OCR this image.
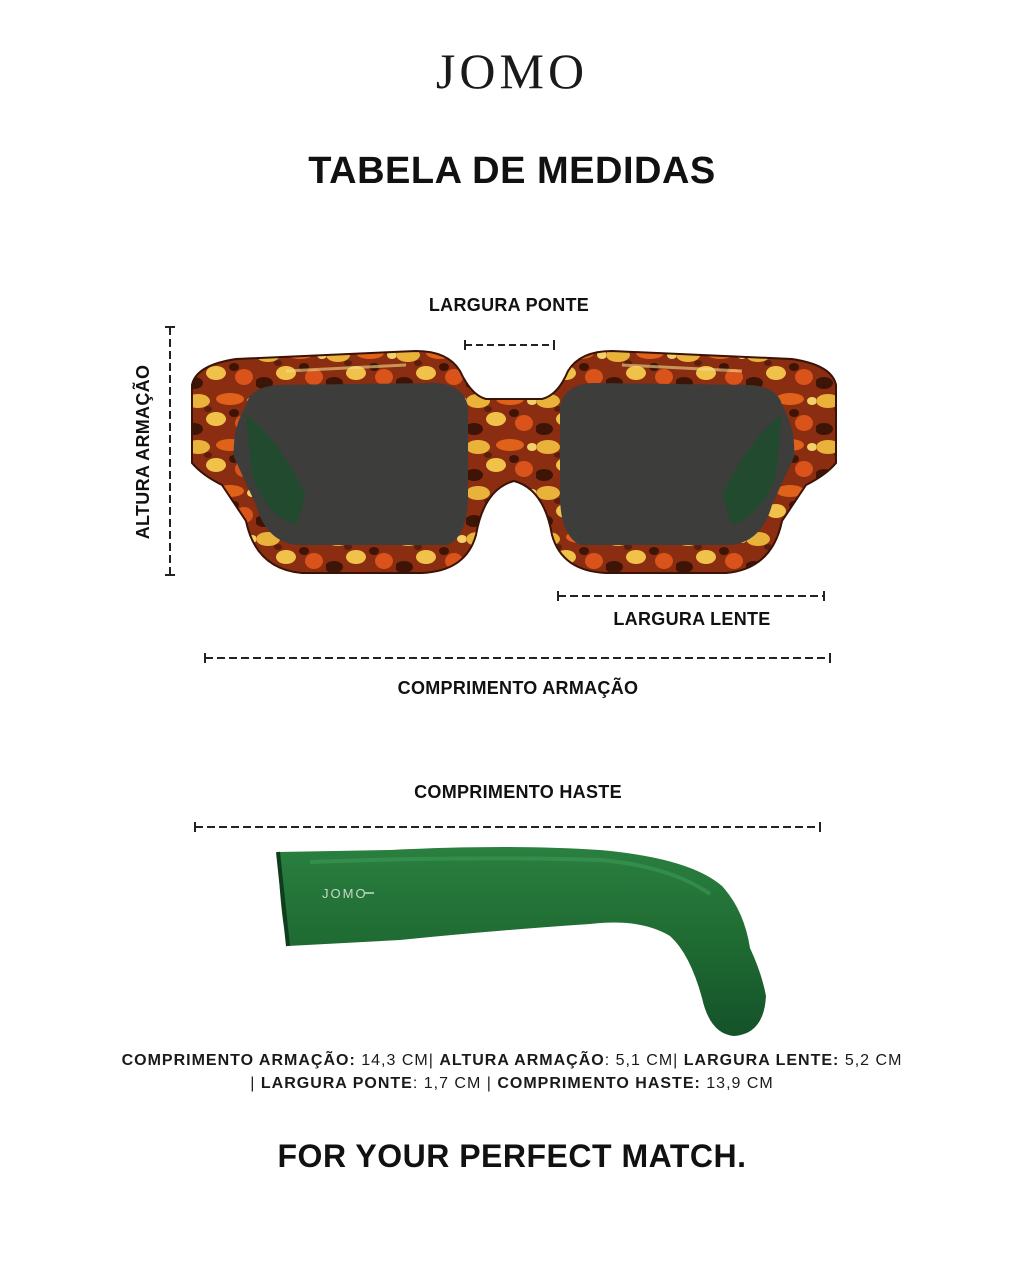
JOMO
TABELA DE MEDIDAS
LARGURA PONTE
ALTURA ARMAÇÃO
LARGURA LENTE
COMPRIMENTO ARMAÇÃO
COMPRIMENTO HASTE
JOMO
COMPRIMENTO ARMAÇÃO: 14,3 CM| ALTURA ARMAÇÃO: 5,1 CM| LARGURA LENTE: 5,2 CM
| LARGURA PONTE: 1,7 CM | COMPRIMENTO HASTE: 13,9 CM
FOR YOUR PERFECT MATCH.
